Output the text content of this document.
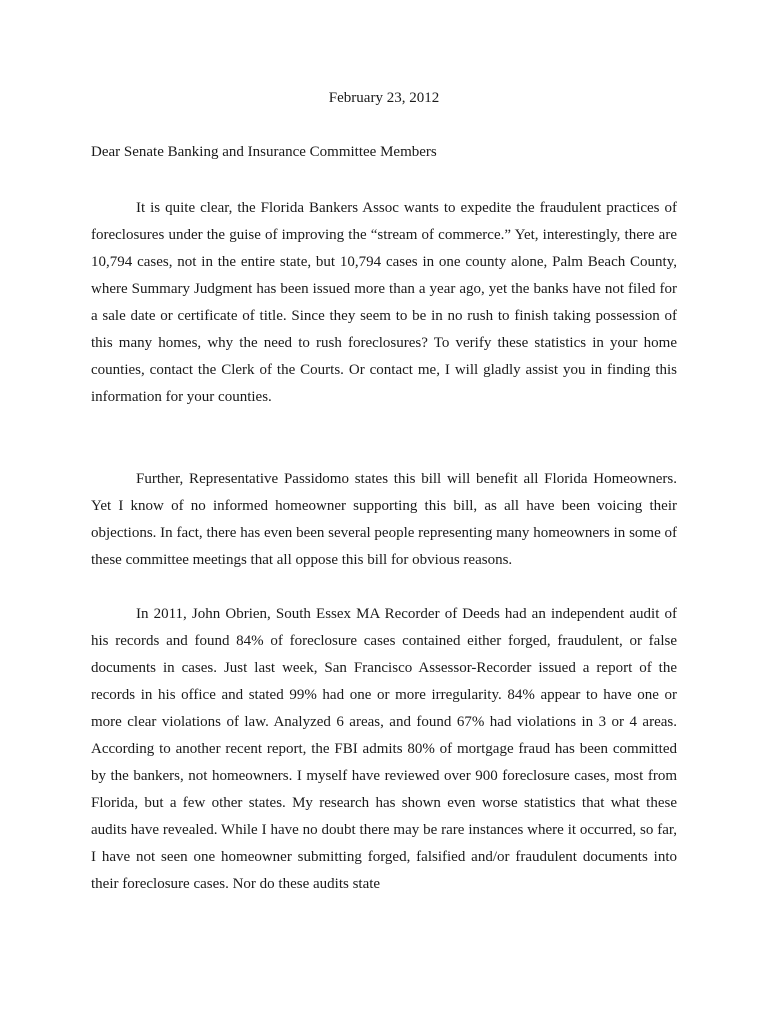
February 23, 2012
Dear Senate Banking and Insurance Committee Members

It is quite clear, the Florida Bankers Assoc wants to expedite the fraudulent practices of foreclosures under the guise of improving the “stream of commerce.” Yet, interestingly, there are 10,794 cases, not in the entire state, but 10,794 cases in one county alone, Palm Beach County, where Summary Judgment has been issued more than a year ago, yet the banks have not filed for a sale date or certificate of title. Since they seem to be in no rush to finish taking possession of this many homes, why the need to rush foreclosures? To verify these statistics in your home counties, contact the Clerk of the Courts. Or contact me, I will gladly assist you in finding this information for your counties.

Further, Representative Passidomo states this bill will benefit all Florida Homeowners. Yet I know of no informed homeowner supporting this bill, as all have been voicing their objections. In fact, there has even been several people representing many homeowners in some of these committee meetings that all oppose this bill for obvious reasons.

In 2011, John Obrien, South Essex MA Recorder of Deeds had an independent audit of his records and found 84% of foreclosure cases contained either forged, fraudulent, or false documents in cases. Just last week, San Francisco Assessor-Recorder issued a report of the records in his office and stated 99% had one or more irregularity. 84% appear to have one or more clear violations of law. Analyzed 6 areas, and found 67% had violations in 3 or 4 areas. According to another recent report, the FBI admits 80% of mortgage fraud has been committed by the bankers, not homeowners. I myself have reviewed over 900 foreclosure cases, most from Florida, but a few other states. My research has shown even worse statistics that what these audits have revealed. While I have no doubt there may be rare instances where it occurred, so far, I have not seen one homeowner submitting forged, falsified and/or fraudulent documents into their foreclosure cases. Nor do these audits state
